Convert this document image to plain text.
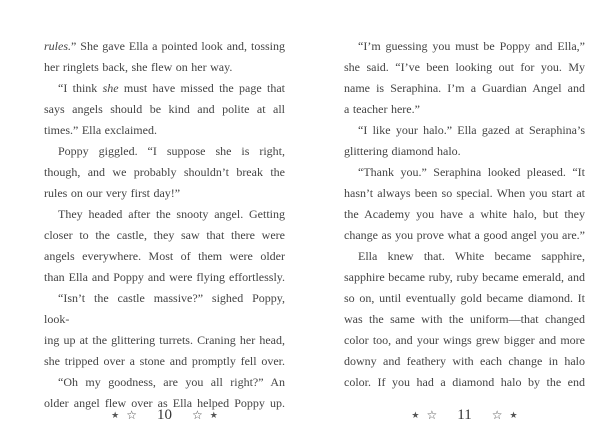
rules.” She gave Ella a pointed look and, tossing
her ringlets back, she flew on her way.
“I think she must have missed the page that
says angels should be kind and polite at all
times.” Ella exclaimed.
Poppy giggled. “I suppose she is right,
though, and we probably shouldn’t break the
rules on our very first day!”
They headed after the snooty angel. Getting
closer to the castle, they saw that there were
angels everywhere. Most of them were older
than Ella and Poppy and were flying effortlessly.
“Isn’t the castle massive?” sighed Poppy, look-
ing up at the glittering turrets. Craning her head,
she tripped over a stone and promptly fell over.
“Oh my goodness, are you all right?” An
older angel flew over as Ella helped Poppy up.
★ ☆ 10 ☆ ★
“I’m guessing you must be Poppy and Ella,”
she said. “I’ve been looking out for you. My
name is Seraphina. I’m a Guardian Angel and
a teacher here.”
“I like your halo.” Ella gazed at Seraphina’s
glittering diamond halo.
“Thank you.” Seraphina looked pleased. “It
hasn’t always been so special. When you start at
the Academy you have a white halo, but they
change as you prove what a good angel you are.”
Ella knew that. White became sapphire,
sapphire became ruby, ruby became emerald, and
so on, until eventually gold became diamond. It
was the same with the uniform—that changed
color too, and your wings grew bigger and more
downy and feathery with each change in halo
color. If you had a diamond halo by the end
★ ☆ 11 ☆ ★
